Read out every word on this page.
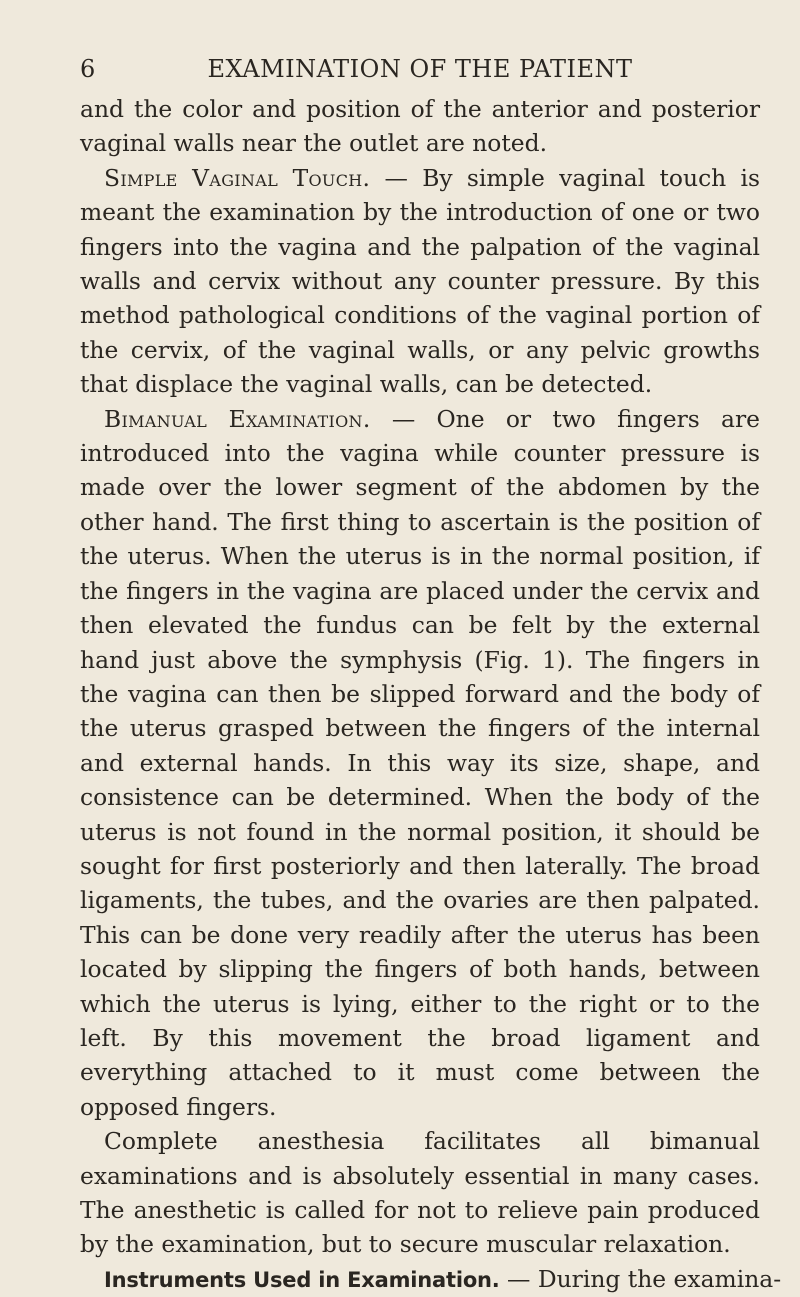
6	EXAMINATION OF THE PATIENT

and the color and position of the anterior and posterior vaginal walls near the outlet are noted.

Simple Vaginal Touch. — By simple vaginal touch is meant the examination by the introduction of one or two fingers into the vagina and the palpation of the vaginal walls and cervix without any counter pressure. By this method pathological conditions of the vaginal portion of the cervix, of the vaginal walls, or any pelvic growths that displace the vaginal walls, can be detected.

Bimanual Examination. — One or two fingers are introduced into the vagina while counter pressure is made over the lower segment of the abdomen by the other hand. The first thing to ascertain is the position of the uterus. When the uterus is in the normal position, if the fingers in the vagina are placed under the cervix and then elevated the fundus can be felt by the external hand just above the symphysis (Fig. 1). The fingers in the vagina can then be slipped forward and the body of the uterus grasped between the fingers of the internal and external hands. In this way its size, shape, and consistence can be determined. When the body of the uterus is not found in the normal position, it should be sought for first posteriorly and then laterally. The broad ligaments, the tubes, and the ovaries are then palpated. This can be done very readily after the uterus has been located by slipping the fingers of both hands, between which the uterus is lying, either to the right or to the left. By this movement the broad ligament and everything attached to it must come between the opposed fingers.

Complete anesthesia facilitates all bimanual examinations and is absolutely essential in many cases. The anesthetic is called for not to relieve pain produced by the examination, but to secure muscular relaxation.

Instruments Used in Examination. — During the examina-
